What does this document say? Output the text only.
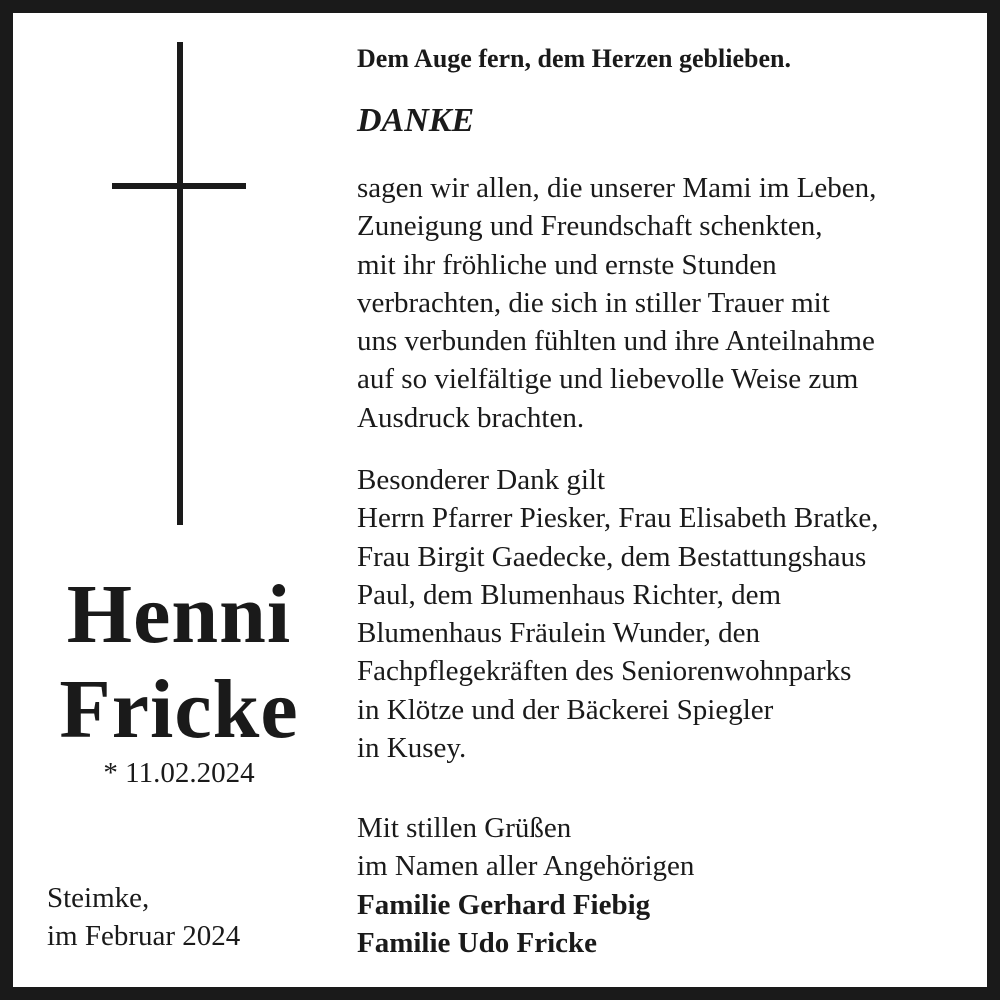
Henni
Fricke
* 11.02.2024
Steimke,
im Februar 2024
Dem Auge fern, dem Herzen geblieben.
DANKE
sagen wir allen, die unserer Mami im Leben,
Zuneigung und Freundschaft schenkten,
mit ihr fröhliche und ernste Stunden
verbrachten, die sich in stiller Trauer mit
uns verbunden fühlten und ihre Anteilnahme
auf so vielfältige und liebevolle Weise zum
Ausdruck brachten.
Besonderer Dank gilt
Herrn Pfarrer Piesker, Frau Elisabeth Bratke,
Frau Birgit Gaedecke, dem Bestattungshaus
Paul, dem Blumenhaus Richter, dem
Blumenhaus Fräulein Wunder, den
Fachpflegekräften des Seniorenwohnparks
in Klötze und der Bäckerei Spiegler
in Kusey.
Mit stillen Grüßen
im Namen aller Angehörigen
Familie Gerhard Fiebig
Familie Udo Fricke
